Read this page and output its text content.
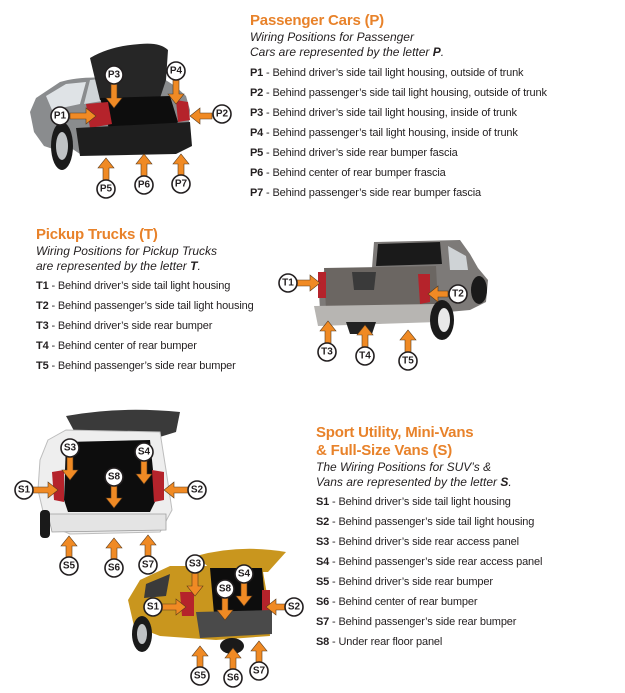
Passenger Cars (P)
Wiring Positions for Passenger
Cars are represented by the letter P.
P1 - Behind driver’s side tail light housing, outside of trunk
P2 - Behind passenger’s side tail light housing, outside of trunk
P3 - Behind driver’s side tail light housing, inside of trunk
P4 - Behind passenger’s tail light housing, inside of trunk
P5 - Behind driver’s side rear bumper fascia
P6 - Behind center of rear bumper frascia
P7 - Behind passenger’s side rear bumper fascia
Pickup Trucks (T)
Wiring Positions for Pickup Trucks
are represented by the letter T.
T1 - Behind driver’s side tail light housing
T2 - Behind passenger’s side tail light housing
T3 - Behind driver’s side rear bumper
T4 - Behind center of rear bumper
T5 - Behind passenger’s side rear bumper
Sport Utility, Mini-Vans
& Full-Size Vans (S)
The Wiring Positions for SUV’s &
Vans are represented by the letter S.
S1 - Behind driver’s side tail light housing
S2 - Behind passenger’s side tail light housing
S3 - Behind driver’s side rear access panel
S4 - Behind passenger’s side rear access panel
S5 - Behind driver’s side rear bumper
S6 - Behind center of rear bumper
S7 - Behind passenger’s side rear bumper
S8 - Under rear floor panel
P1	P2
P3	P4
P5	P6 P7
T1
T2
T3	T4	T5
S1	S2
S3	S4
S8
S5	S6 S7
S1	S2
S3
S4
S8
S5 S6
S7
